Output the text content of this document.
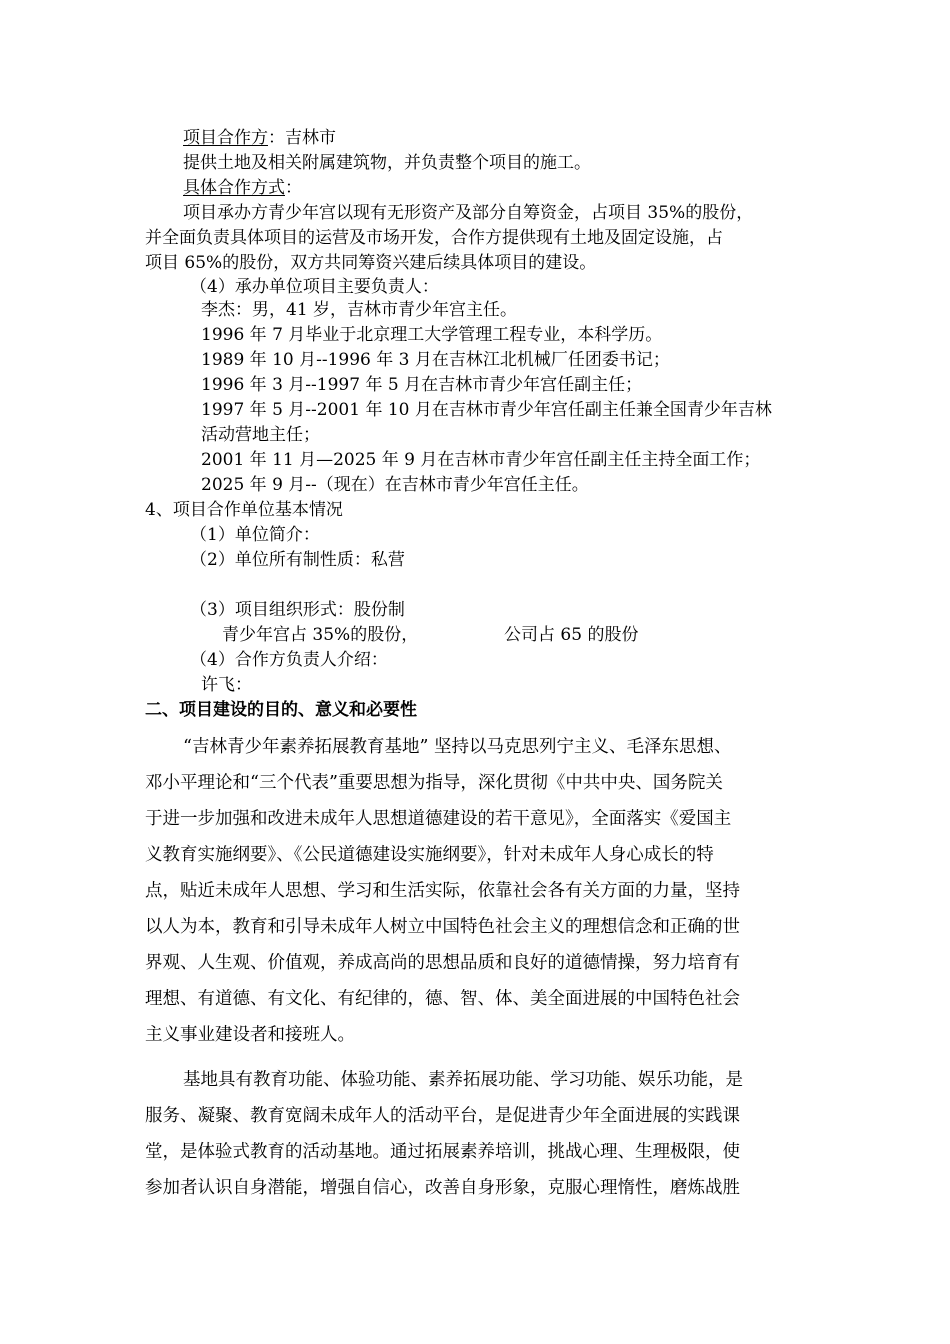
项目合作方：吉林市
提供土地及相关附属建筑物，并负责整个项目的施工。
具体合作方式：
项目承办方青少年宫以现有无形资产及部分自筹资金，占项目 35%的股份，
并全面负责具体项目的运营及市场开发，合作方提供现有土地及固定设施，占
项目 65%的股份，双方共同筹资兴建后续具体项目的建设。
（4）承办单位项目主要负责人：
李杰：男，41 岁，吉林市青少年宫主任。
1996 年 7 月毕业于北京理工大学管理工程专业，本科学历。
1989 年 10 月--1996 年 3 月在吉林江北机械厂任团委书记；
1996 年 3 月--1997 年 5 月在吉林市青少年宫任副主任；
1997 年 5 月--2001 年 10 月在吉林市青少年宫任副主任兼全国青少年吉林
活动营地主任；
2001 年 11 月—2025 年 9 月在吉林市青少年宫任副主任主持全面工作；
2025 年 9 月--（现在）在吉林市青少年宫任主任。
4、项目合作单位基本情况
（1）单位简介：
（2）单位所有制性质：私营
（3）项目组织形式：股份制
青少年宫占 35%的股份，	公司占 65 的股份
（4）合作方负责人介绍：
许飞：
二、项目建设的目的、意义和必要性
“吉林青少年素养拓展教育基地” 坚持以马克思列宁主义、毛泽东思想、
邓小平理论和“三个代表”重要思想为指导，深化贯彻《中共中央、国务院关
于进一步加强和改进未成年人思想道德建设的若干意见》，全面落实《爱国主
义教育实施纲要》、《公民道德建设实施纲要》，针对未成年人身心成长的特
点，贴近未成年人思想、学习和生活实际，依靠社会各有关方面的力量，坚持
以人为本，教育和引导未成年人树立中国特色社会主义的理想信念和正确的世
界观、人生观、价值观，养成高尚的思想品质和良好的道德情操，努力培育有
理想、有道德、有文化、有纪律的，德、智、体、美全面进展的中国特色社会
主义事业建设者和接班人。
基地具有教育功能、体验功能、素养拓展功能、学习功能、娱乐功能，是
服务、凝聚、教育宽阔未成年人的活动平台，是促进青少年全面进展的实践课
堂，是体验式教育的活动基地。通过拓展素养培训，挑战心理、生理极限，使
参加者认识自身潜能，增强自信心，改善自身形象，克服心理惰性，磨炼战胜
